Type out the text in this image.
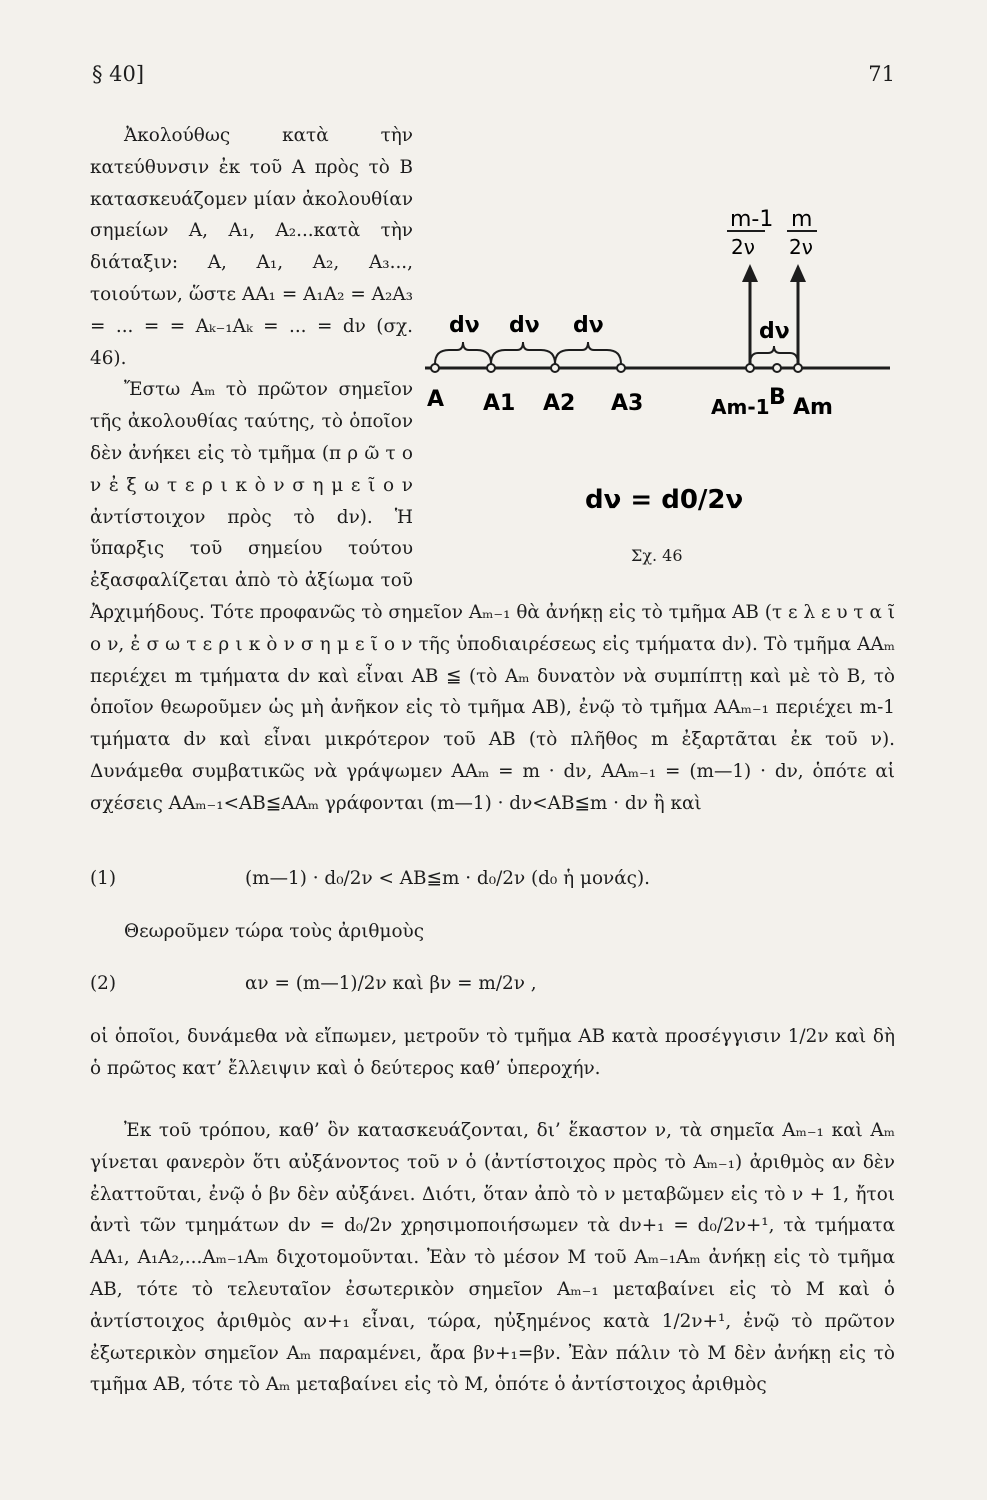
§ 40]	71
m-1
2ν
m
2ν
dν dν dν	dν
A A1 A2 A3	Am-1 B Am
dν = d0/2ν
Σχ. 46

Ἀκολούθως κατὰ τὴν κατεύθυνσιν ἐκ τοῦ A πρὸς τὸ B κατασκευάζομεν μίαν ἀκολουθίαν σημείων A, A₁, A₂...κατὰ τὴν διάταξιν: A, A₁, A₂, A₃..., τοιούτων, ὥστε AA₁ = A₁A₂ = A₂A₃ = ... = = Aₖ₋₁Aₖ = ... = dν (σχ. 46).

Ἔστω Aₘ τὸ πρῶτον σημεῖον τῆς ἀκολουθίας ταύτης, τὸ ὁποῖον δὲν ἀνήκει εἰς τὸ τμῆμα (π ρ ῶ τ ο ν ἐ ξ ω τ ε ρ ι κ ὸ ν σ η μ ε ῖ ο ν ἀντίστοιχον πρὸς τὸ dν). Ἡ ὕπαρξις τοῦ σημείου τούτου ἐξασφαλίζεται ἀπὸ τὸ ἀξίωμα τοῦ Ἀρχιμήδους. Τότε προφανῶς τὸ σημεῖον Aₘ₋₁ θὰ ἀνήκῃ εἰς τὸ τμῆμα AB (τ ε λ ε υ τ α ῖ ο ν, ἐ σ ω τ ε ρ ι κ ὸ ν σ η μ ε ῖ ο ν τῆς ὑποδιαιρέσεως εἰς τμήματα dν). Τὸ τμῆμα AAₘ περιέχει m τμήματα dν καὶ εἶναι AB ≦ (τὸ Aₘ δυνατὸν νὰ συμπίπτῃ καὶ μὲ τὸ B, τὸ ὁποῖον θεωροῦμεν ὡς μὴ ἀνῆκον εἰς τὸ τμῆμα AB), ἐνῷ τὸ τμῆμα AAₘ₋₁ περιέχει m-1 τμήματα dν καὶ εἶναι μικρότερον τοῦ AB (τὸ πλῆθος m ἐξαρτᾶται ἐκ τοῦ ν). Δυνάμεθα συμβατικῶς νὰ γράψωμεν AAₘ = m · dν, AAₘ₋₁ = (m—1) · dν, ὁπότε αἱ σχέσεις AAₘ₋₁<AB≦AAₘ γράφονται (m—1) · dν<AB≦m · dν ἢ καὶ

(1)	(m—1) · d₀/2ν < AB≦m · d₀/2ν (d₀ ἡ μονάς).

Θεωροῦμεν τώρα τοὺς ἀριθμοὺς

(2)	αν = (m—1)/2ν καὶ βν = m/2ν ,

οἱ ὁποῖοι, δυνάμεθα νὰ εἴπωμεν, μετροῦν τὸ τμῆμα AB κατὰ προσέγγισιν 1/2ν καὶ δὴ ὁ πρῶτος κατ’ ἔλλειψιν καὶ ὁ δεύτερος καθ’ ὑπεροχήν.

Ἐκ τοῦ τρόπου, καθ’ ὃν κατασκευάζονται, δι’ ἕκαστον ν, τὰ σημεῖα Aₘ₋₁ καὶ Aₘ γίνεται φανερὸν ὅτι αὐξάνοντος τοῦ ν ὁ (ἀντίστοιχος πρὸς τὸ Aₘ₋₁) ἀριθμὸς αν δὲν ἐλαττοῦται, ἐνῷ ὁ βν δὲν αὐξάνει. Διότι, ὅταν ἀπὸ τὸ ν μεταβῶμεν εἰς τὸ ν + 1, ἤτοι ἀντὶ τῶν τμημάτων dν = d₀/2ν χρησιμοποιήσωμεν τὰ dν+₁ = d₀/2ν+¹, τὰ τμήματα AA₁, A₁A₂,...Aₘ₋₁Aₘ διχοτομοῦνται. Ἐὰν τὸ μέσον M τοῦ Aₘ₋₁Aₘ ἀνήκῃ εἰς τὸ τμῆμα AB, τότε τὸ τελευταῖον ἐσωτερικὸν σημεῖον Aₘ₋₁ μεταβαίνει εἰς τὸ M καὶ ὁ ἀντίστοιχος ἀριθμὸς αν+₁ εἶναι, τώρα, ηὐξημένος κατὰ 1/2ν+¹, ἐνῷ τὸ πρῶτον ἐξωτερικὸν σημεῖον Aₘ παραμένει, ἄρα βν+₁=βν. Ἐὰν πάλιν τὸ M δὲν ἀνήκῃ εἰς τὸ τμῆμα AB, τότε τὸ Aₘ μεταβαίνει εἰς τὸ M, ὁπότε ὁ ἀντίστοιχος ἀριθμὸς
